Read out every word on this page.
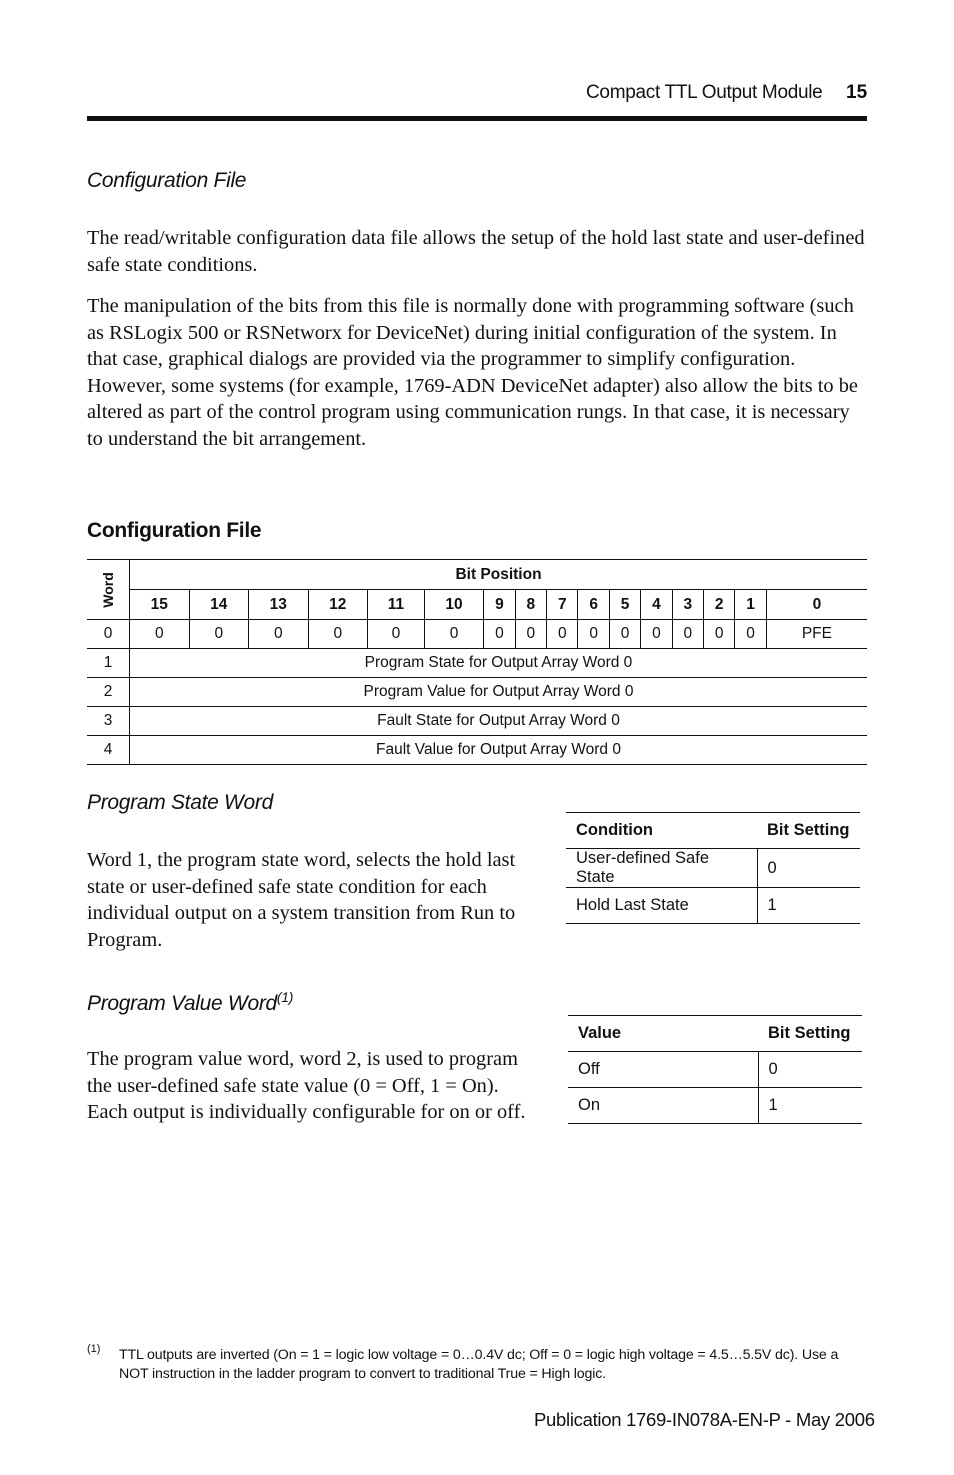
Compact TTL Output Module 15
Configuration File

The read/writable configuration data file allows the setup of the hold last state and user-defined safe state conditions.

The manipulation of the bits from this file is normally done with programming software (such as RSLogix 500 or RSNetworx for DeviceNet) during initial configuration of the system. In that case, graphical dialogs are provided via the programmer to simplify configuration. However, some systems (for example, 1769-ADN DeviceNet adapter) also allow the bits to be altered as part of the control program using communication rungs. In that case, it is necessary to understand the bit arrangement.

Configuration File
Word	Bit Position															
	15	14	13	12	11	10	9	8	7	6	5	4	3	2	1	0
0	0	0	0	0	0	0	0	0	0	0	0	0	0	0	0	PFE
1	Program State for Output Array Word 0															
2	Program Value for Output Array Word 0															
3	Fault State for Output Array Word 0															
4	Fault Value for Output Array Word 0															
Program State Word

Word 1, the program state word, selects the hold last state or user-defined safe state condition for each individual output on a system transition from Run to Program.

Condition	Bit Setting
User-defined Safe State	0
Hold Last State	1
Program Value Word$^{(1)}$

The program value word, word 2, is used to program the user-defined safe state value (0 = Off, 1 = On). Each output is individually configurable for on or off.

Value	Bit Setting
Off	0
On	1
(1) TTL outputs are inverted (On = 1 = logic low voltage = 0…0.4V dc; Off = 0 = logic high voltage = 4.5…5.5V dc). Use a NOT instruction in the ladder program to convert to traditional True = High logic.

Publication 1769-IN078A-EN-P - May 2006
